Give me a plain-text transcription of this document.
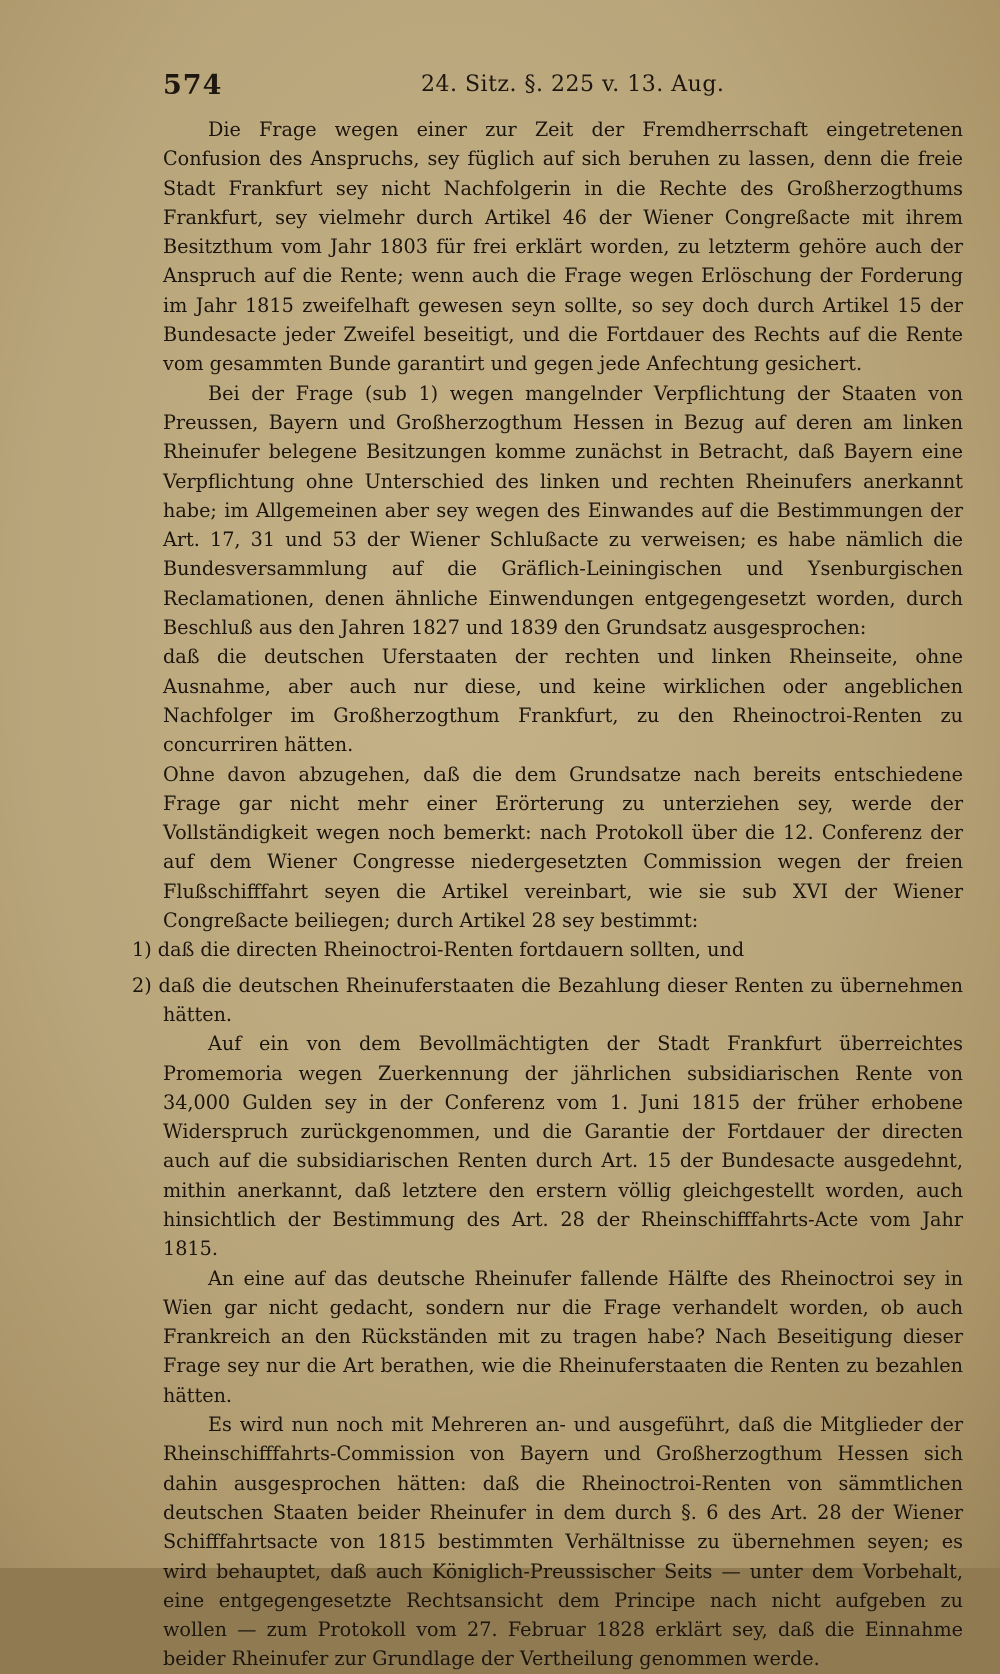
574	24. Sitz. §. 225 v. 13. Aug.

Die Frage wegen einer zur Zeit der Fremdherrschaft eingetretenen Confusion des Anspruchs, sey füglich auf sich beruhen zu lassen, denn die freie Stadt Frankfurt sey nicht Nachfolgerin in die Rechte des Großherzogthums Frankfurt, sey vielmehr durch Artikel 46 der Wiener Congreßacte mit ihrem Besitzthum vom Jahr 1803 für frei erklärt worden, zu letzterm gehöre auch der Anspruch auf die Rente; wenn auch die Frage wegen Erlöschung der Forderung im Jahr 1815 zweifelhaft gewesen seyn sollte, so sey doch durch Artikel 15 der Bundesacte jeder Zweifel beseitigt, und die Fortdauer des Rechts auf die Rente vom gesammten Bunde garantirt und gegen jede Anfechtung gesichert.

Bei der Frage (sub 1) wegen mangelnder Verpflichtung der Staaten von Preussen, Bayern und Großherzogthum Hessen in Bezug auf deren am linken Rheinufer belegene Besitzungen komme zunächst in Betracht, daß Bayern eine Verpflichtung ohne Unterschied des linken und rechten Rheinufers anerkannt habe; im Allgemeinen aber sey wegen des Einwandes auf die Bestimmungen der Art. 17, 31 und 53 der Wiener Schlußacte zu verweisen; es habe nämlich die Bundesversammlung auf die Gräflich-Leiningischen und Ysenburgischen Reclamationen, denen ähnliche Einwendungen entgegengesetzt worden, durch Beschluß aus den Jahren 1827 und 1839 den Grundsatz ausgesprochen:

daß die deutschen Uferstaaten der rechten und linken Rheinseite, ohne Ausnahme, aber auch nur diese, und keine wirklichen oder angeblichen Nachfolger im Großherzogthum Frankfurt, zu den Rheinoctroi-Renten zu concurriren hätten.

Ohne davon abzugehen, daß die dem Grundsatze nach bereits entschiedene Frage gar nicht mehr einer Erörterung zu unterziehen sey, werde der Vollständigkeit wegen noch bemerkt: nach Protokoll über die 12. Conferenz der auf dem Wiener Congresse niedergesetzten Commission wegen der freien Flußschifffahrt seyen die Artikel vereinbart, wie sie sub XVI der Wiener Congreßacte beiliegen; durch Artikel 28 sey bestimmt:

1) daß die directen Rheinoctroi-Renten fortdauern sollten, und

2) daß die deutschen Rheinuferstaaten die Bezahlung dieser Renten zu übernehmen hätten.

Auf ein von dem Bevollmächtigten der Stadt Frankfurt überreichtes Promemoria wegen Zuerkennung der jährlichen subsidiarischen Rente von 34,000 Gulden sey in der Conferenz vom 1. Juni 1815 der früher erhobene Widerspruch zurückgenommen, und die Garantie der Fortdauer der directen auch auf die subsidiarischen Renten durch Art. 15 der Bundesacte ausgedehnt, mithin anerkannt, daß letztere den erstern völlig gleichgestellt worden, auch hinsichtlich der Bestimmung des Art. 28 der Rheinschifffahrts-Acte vom Jahr 1815.

An eine auf das deutsche Rheinufer fallende Hälfte des Rheinoctroi sey in Wien gar nicht gedacht, sondern nur die Frage verhandelt worden, ob auch Frankreich an den Rückständen mit zu tragen habe? Nach Beseitigung dieser Frage sey nur die Art berathen, wie die Rheinuferstaaten die Renten zu bezahlen hätten.

Es wird nun noch mit Mehreren an- und ausgeführt, daß die Mitglieder der Rheinschifffahrts-Commission von Bayern und Großherzogthum Hessen sich dahin ausgesprochen hätten: daß die Rheinoctroi-Renten von sämmtlichen deutschen Staaten beider Rheinufer in dem durch §. 6 des Art. 28 der Wiener Schifffahrtsacte von 1815 bestimmten Verhältnisse zu übernehmen seyen; es wird behauptet, daß auch Königlich-Preussischer Seits — unter dem Vorbehalt, eine entgegengesetzte Rechtsansicht dem Principe nach nicht aufgeben zu wollen — zum Protokoll vom 27. Februar 1828 erklärt sey, daß die Einnahme beider Rheinufer zur Grundlage der Vertheilung genommen werde.
